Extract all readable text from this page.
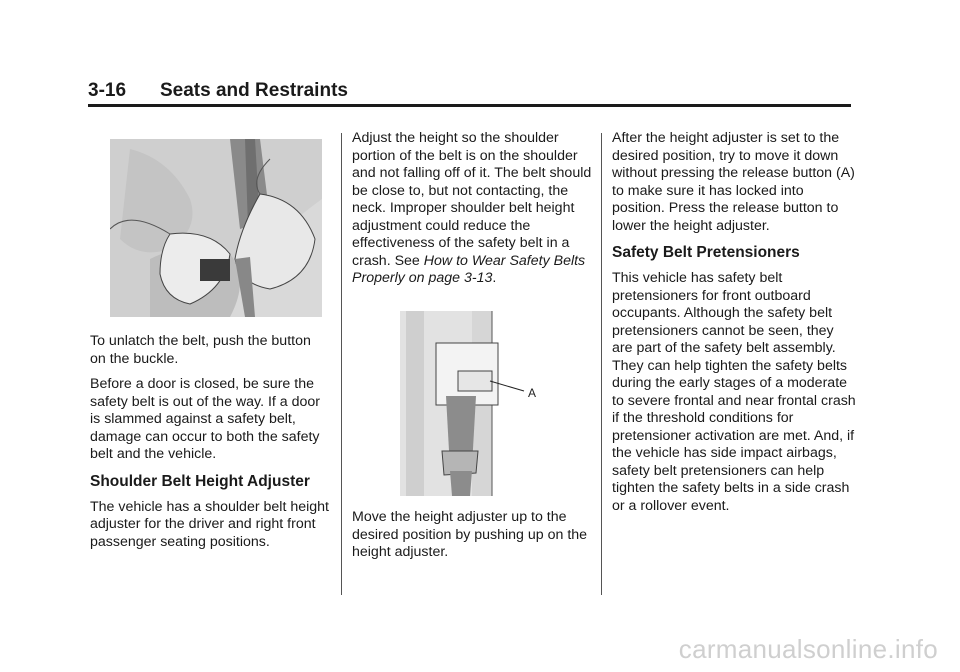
3-16 Seats and Restraints

To unlatch the belt, push the button on the buckle.

Before a door is closed, be sure the safety belt is out of the way. If a door is slammed against a safety belt, damage can occur to both the safety belt and the vehicle.

Shoulder Belt Height Adjuster

The vehicle has a shoulder belt height adjuster for the driver and right front passenger seating positions.

Adjust the height so the shoulder portion of the belt is on the shoulder and not falling off of it. The belt should be close to, but not contacting, the neck. Improper shoulder belt height adjustment could reduce the effectiveness of the safety belt in a crash. See How to Wear Safety Belts Properly on page 3-13.

A

Move the height adjuster up to the desired position by pushing up on the height adjuster.

After the height adjuster is set to the desired position, try to move it down without pressing the release button (A) to make sure it has locked into position. Press the release button to lower the height adjuster.

Safety Belt Pretensioners

This vehicle has safety belt pretensioners for front outboard occupants. Although the safety belt pretensioners cannot be seen, they are part of the safety belt assembly. They can help tighten the safety belts during the early stages of a moderate to severe frontal and near frontal crash if the threshold conditions for pretensioner activation are met. And, if the vehicle has side impact airbags, safety belt pretensioners can help tighten the safety belts in a side crash or a rollover event.

carmanualsonline.info
